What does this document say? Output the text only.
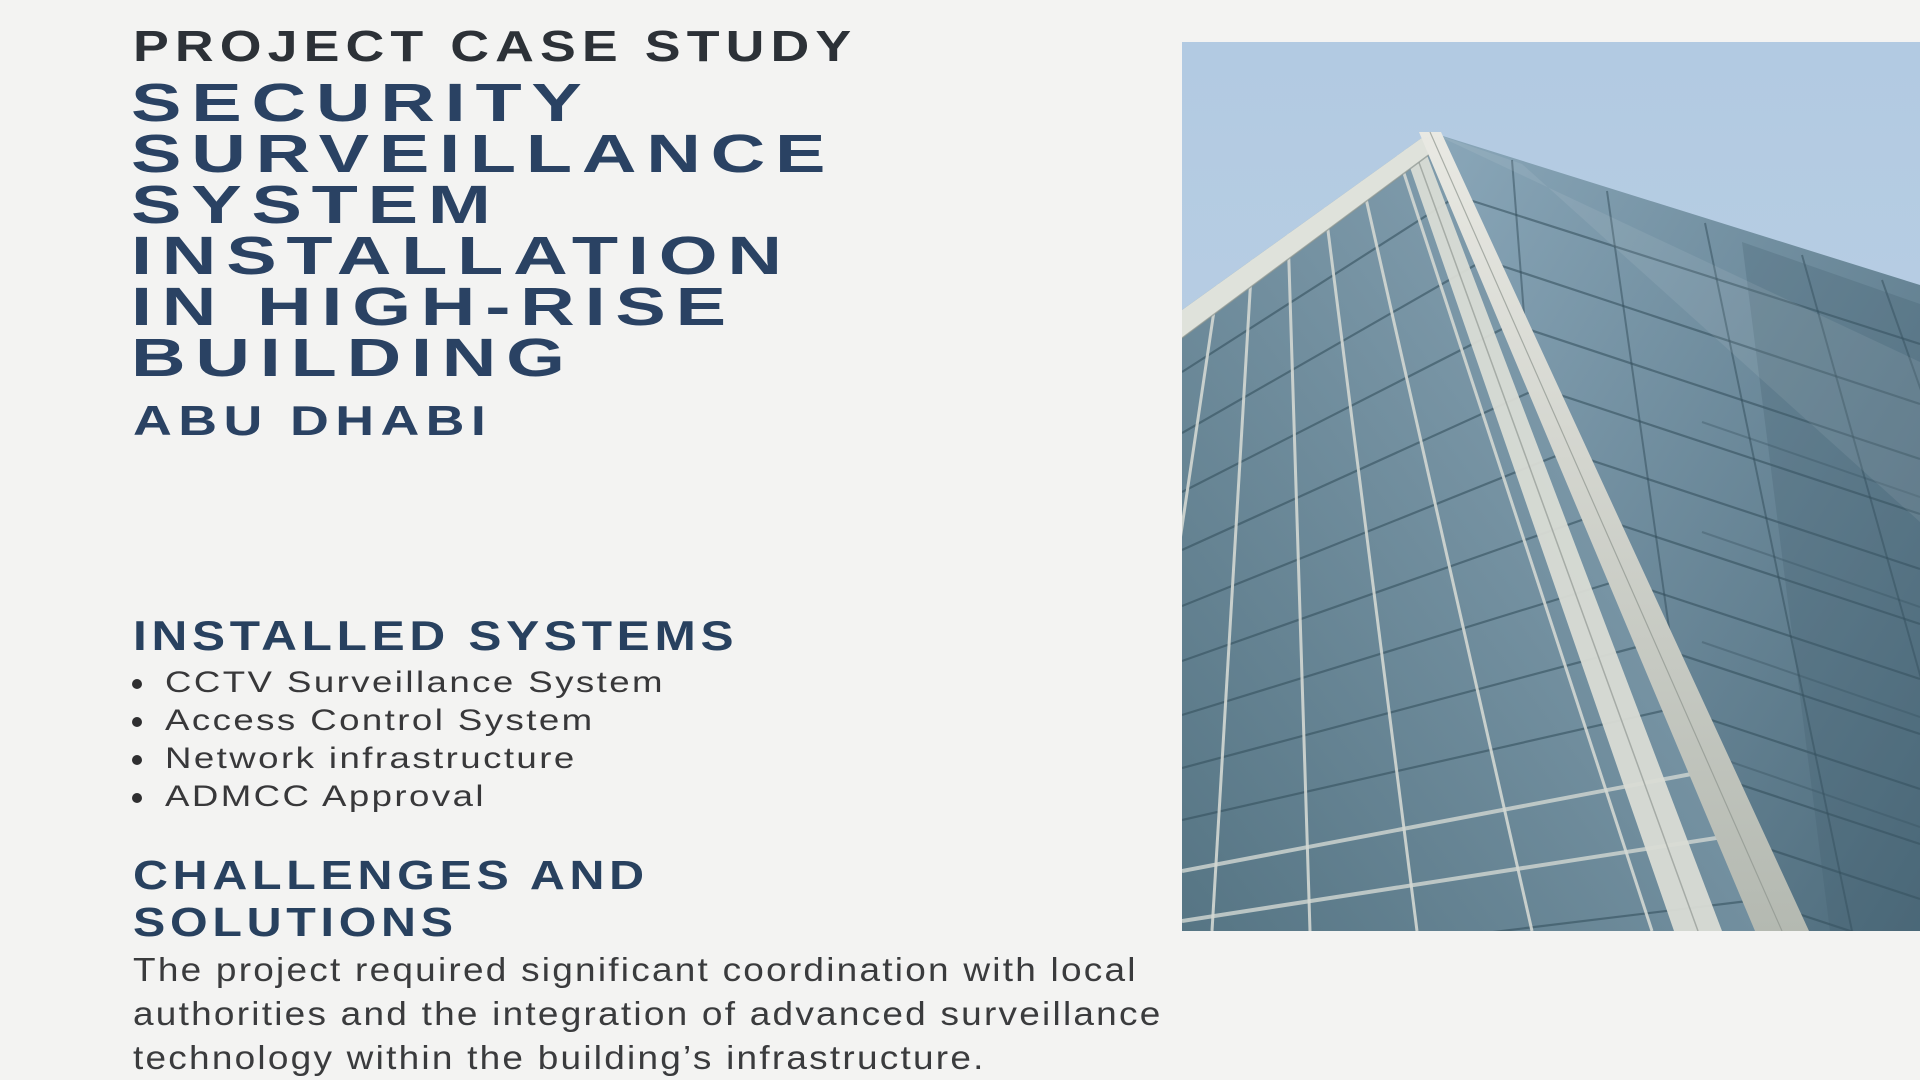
PROJECT CASE STUDY
SECURITY
SURVEILLANCE
SYSTEM
INSTALLATION
IN HIGH-RISE
BUILDING
ABU DHABI
INSTALLED SYSTEMS
CCTV Surveillance System
Access Control System
Network infrastructure
ADMCC Approval
CHALLENGES AND
SOLUTIONS
The project required significant coordination with local
authorities and the integration of advanced surveillance
technology within the building’s infrastructure.
